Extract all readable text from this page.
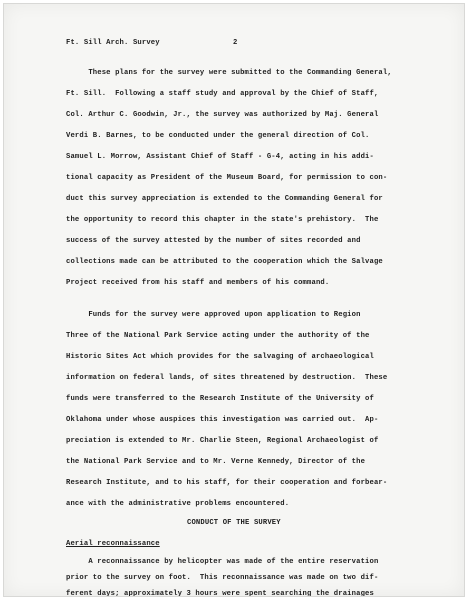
Ft. Sill Arch. Survey	2
These plans for the survey were submitted to the Commanding General,
Ft. Sill.  Following a staff study and approval by the Chief of Staff,
Col. Arthur C. Goodwin, Jr., the survey was authorized by Maj. General
Verdi B. Barnes, to be conducted under the general direction of Col.
Samuel L. Morrow, Assistant Chief of Staff - G-4, acting in his addi-
tional capacity as President of the Museum Board, for permission to con-
duct this survey appreciation is extended to the Commanding General for
the opportunity to record this chapter in the state's prehistory.  The
success of the survey attested by the number of sites recorded and
collections made can be attributed to the cooperation which the Salvage
Project received from his staff and members of his command.
Funds for the survey were approved upon application to Region
Three of the National Park Service acting under the authority of the
Historic Sites Act which provides for the salvaging of archaeological
information on federal lands, of sites threatened by destruction.  These
funds were transferred to the Research Institute of the University of
Oklahoma under whose auspices this investigation was carried out.  Ap-
preciation is extended to Mr. Charlie Steen, Regional Archaeologist of
the National Park Service and to Mr. Verne Kennedy, Director of the
Research Institute, and to his staff, for their cooperation and forbear-
ance with the administrative problems encountered.
CONDUCT OF THE SURVEY
Aerial reconnaissance
A reconnaissance by helicopter was made of the entire reservation
prior to the survey on foot.  This reconnaissance was made on two dif-
ferent days; approximately 3 hours were spent searching the drainages
